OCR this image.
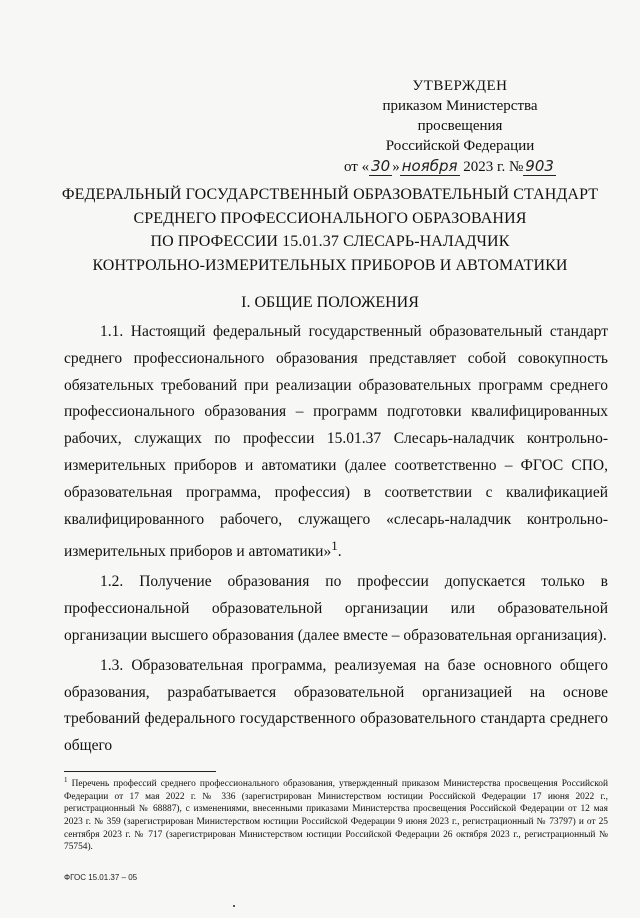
УТВЕРЖДЕН
приказом Министерства просвещения
Российской Федерации
от « 30 » ноября 2023 г. № 903
ФЕДЕРАЛЬНЫЙ ГОСУДАРСТВЕННЫЙ ОБРАЗОВАТЕЛЬНЫЙ СТАНДАРТ
СРЕДНЕГО ПРОФЕССИОНАЛЬНОГО ОБРАЗОВАНИЯ
ПО ПРОФЕССИИ 15.01.37 СЛЕСАРЬ-НАЛАДЧИК
КОНТРОЛЬНО-ИЗМЕРИТЕЛЬНЫХ ПРИБОРОВ И АВТОМАТИКИ
I. ОБЩИЕ ПОЛОЖЕНИЯ

1.1. Настоящий федеральный государственный образовательный стандарт среднего профессионального образования представляет собой совокупность обязательных требований при реализации образовательных программ среднего профессионального образования – программ подготовки квалифицированных рабочих, служащих по профессии 15.01.37 Слесарь-наладчик контрольно-измерительных приборов и автоматики (далее соответственно – ФГОС СПО, образовательная программа, профессия) в соответствии с квалификацией квалифицированного рабочего, служащего «слесарь-наладчик контрольно-измерительных приборов и автоматики»$^1$.

1.2. Получение образования по профессии допускается только в профессиональной образовательной организации или образовательной организации высшего образования (далее вместе – образовательная организация).

1.3. Образовательная программа, реализуемая на базе основного общего образования, разрабатывается образовательной организацией на основе требований федерального государственного образовательного стандарта среднего общего

$^1$ Перечень профессий среднего профессионального образования, утвержденный приказом Министерства просвещения Российской Федерации от 17 мая 2022 г. № 336 (зарегистрирован Министерством юстиции Российской Федерации 17 июня 2022 г., регистрационный № 68887), с изменениями, внесенными приказами Министерства просвещения Российской Федерации от 12 мая 2023 г. № 359 (зарегистрирован Министерством юстиции Российской Федерации 9 июня 2023 г., регистрационный № 73797) и от 25 сентября 2023 г. № 717 (зарегистрирован Министерством юстиции Российской Федерации 26 октября 2023 г., регистрационный № 75754).
ФГОС 15.01.37 – 05
